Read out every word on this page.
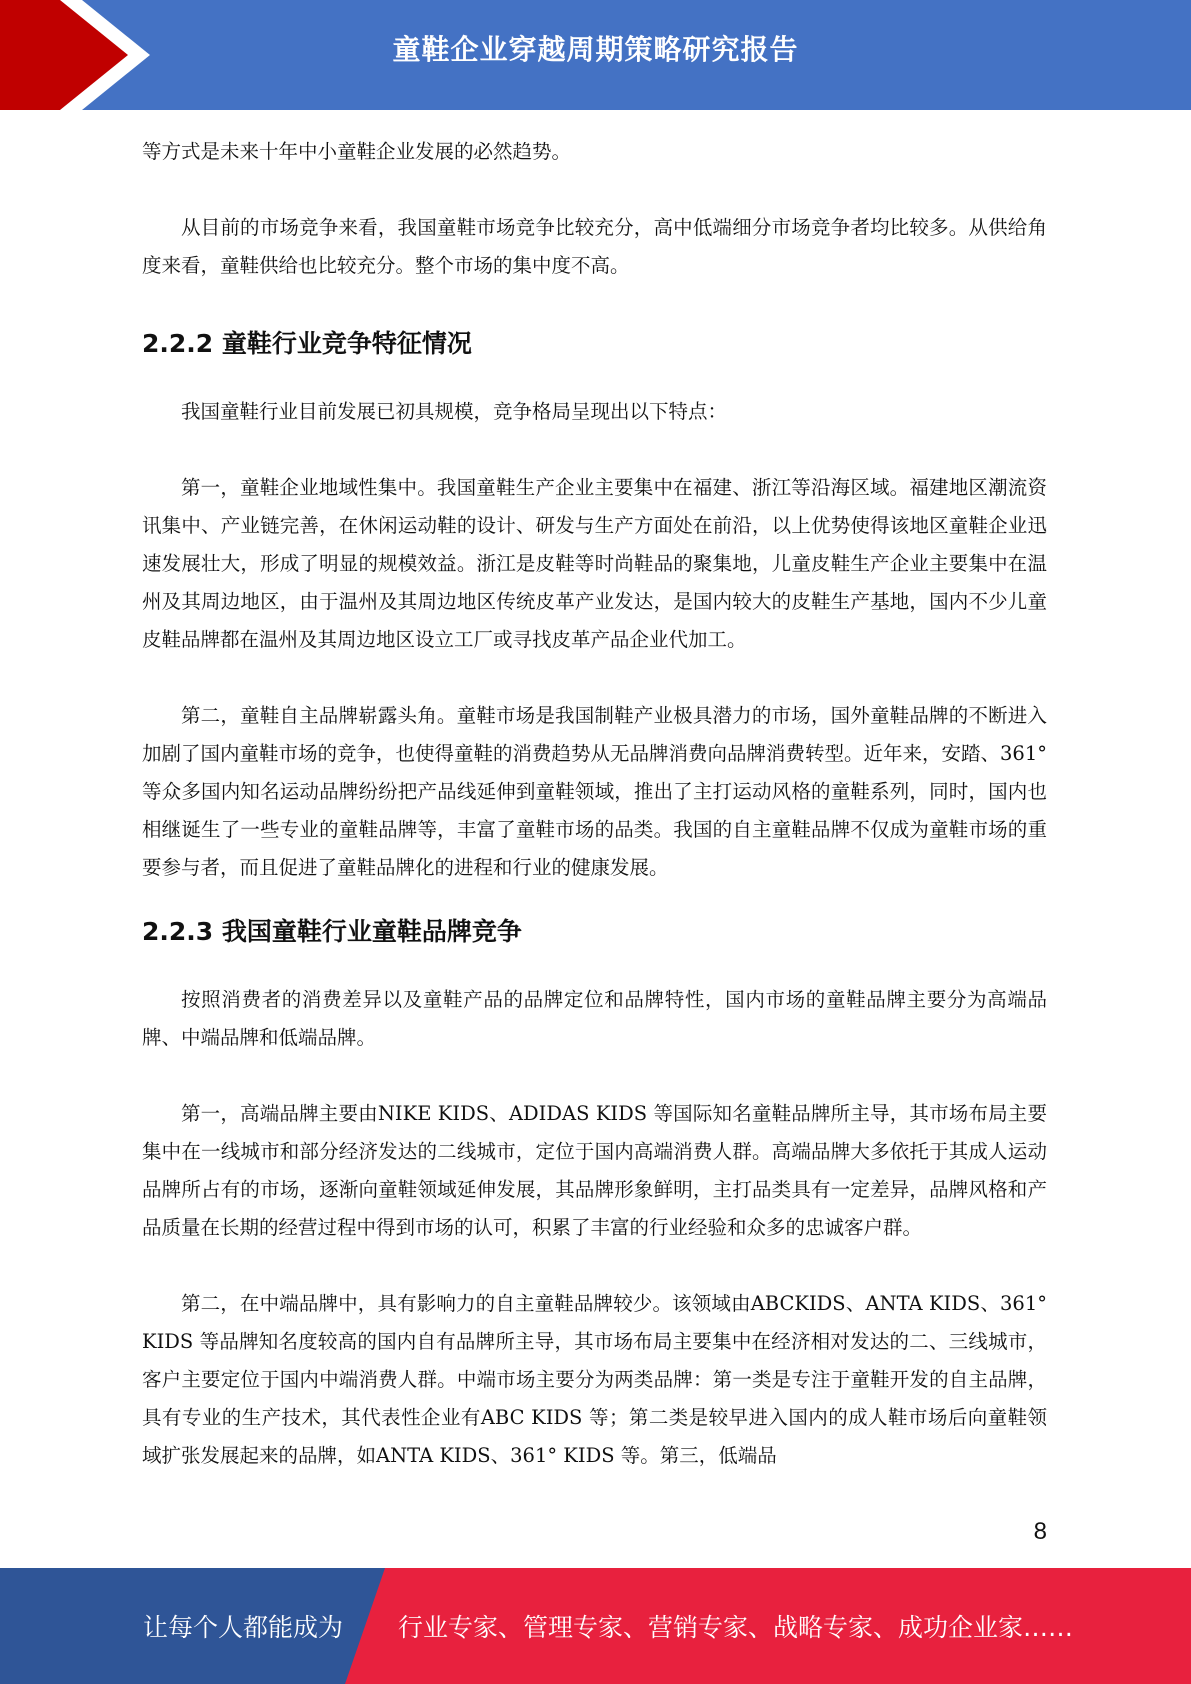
童鞋企业穿越周期策略研究报告

等方式是未来十年中小童鞋企业发展的必然趋势。

从目前的市场竞争来看，我国童鞋市场竞争比较充分，高中低端细分市场竞争者均比较多。从供给角度来看，童鞋供给也比较充分。整个市场的集中度不高。

2.2.2 童鞋行业竞争特征情况

我国童鞋行业目前发展已初具规模，竞争格局呈现出以下特点：

第一，童鞋企业地域性集中。我国童鞋生产企业主要集中在福建、浙江等沿海区域。福建地区潮流资讯集中、产业链完善，在休闲运动鞋的设计、研发与生产方面处在前沿，以上优势使得该地区童鞋企业迅速发展壮大，形成了明显的规模效益。浙江是皮鞋等时尚鞋品的聚集地，儿童皮鞋生产企业主要集中在温州及其周边地区，由于温州及其周边地区传统皮革产业发达，是国内较大的皮鞋生产基地，国内不少儿童皮鞋品牌都在温州及其周边地区设立工厂或寻找皮革产品企业代加工。

第二，童鞋自主品牌崭露头角。童鞋市场是我国制鞋产业极具潜力的市场，国外童鞋品牌的不断进入加剧了国内童鞋市场的竞争，也使得童鞋的消费趋势从无品牌消费向品牌消费转型。近年来，安踏、361°等众多国内知名运动品牌纷纷把产品线延伸到童鞋领域，推出了主打运动风格的童鞋系列，同时，国内也相继诞生了一些专业的童鞋品牌等，丰富了童鞋市场的品类。我国的自主童鞋品牌不仅成为童鞋市场的重要参与者，而且促进了童鞋品牌化的进程和行业的健康发展。

2.2.3 我国童鞋行业童鞋品牌竞争

按照消费者的消费差异以及童鞋产品的品牌定位和品牌特性，国内市场的童鞋品牌主要分为高端品牌、中端品牌和低端品牌。

第一，高端品牌主要由NIKE KIDS、ADIDAS KIDS 等国际知名童鞋品牌所主导，其市场布局主要集中在一线城市和部分经济发达的二线城市，定位于国内高端消费人群。高端品牌大多依托于其成人运动品牌所占有的市场，逐渐向童鞋领域延伸发展，其品牌形象鲜明，主打品类具有一定差异，品牌风格和产品质量在长期的经营过程中得到市场的认可，积累了丰富的行业经验和众多的忠诚客户群。

第二，在中端品牌中，具有影响力的自主童鞋品牌较少。该领域由ABCKIDS、ANTA KIDS、361° KIDS 等品牌知名度较高的国内自有品牌所主导，其市场布局主要集中在经济相对发达的二、三线城市，客户主要定位于国内中端消费人群。中端市场主要分为两类品牌：第一类是专注于童鞋开发的自主品牌，具有专业的生产技术，其代表性企业有ABC KIDS 等；第二类是较早进入国内的成人鞋市场后向童鞋领域扩张发展起来的品牌，如ANTA KIDS、361° KIDS 等。第三，低端品

8
让每个人都能成为 行业专家、管理专家、营销专家、战略专家、成功企业家……
